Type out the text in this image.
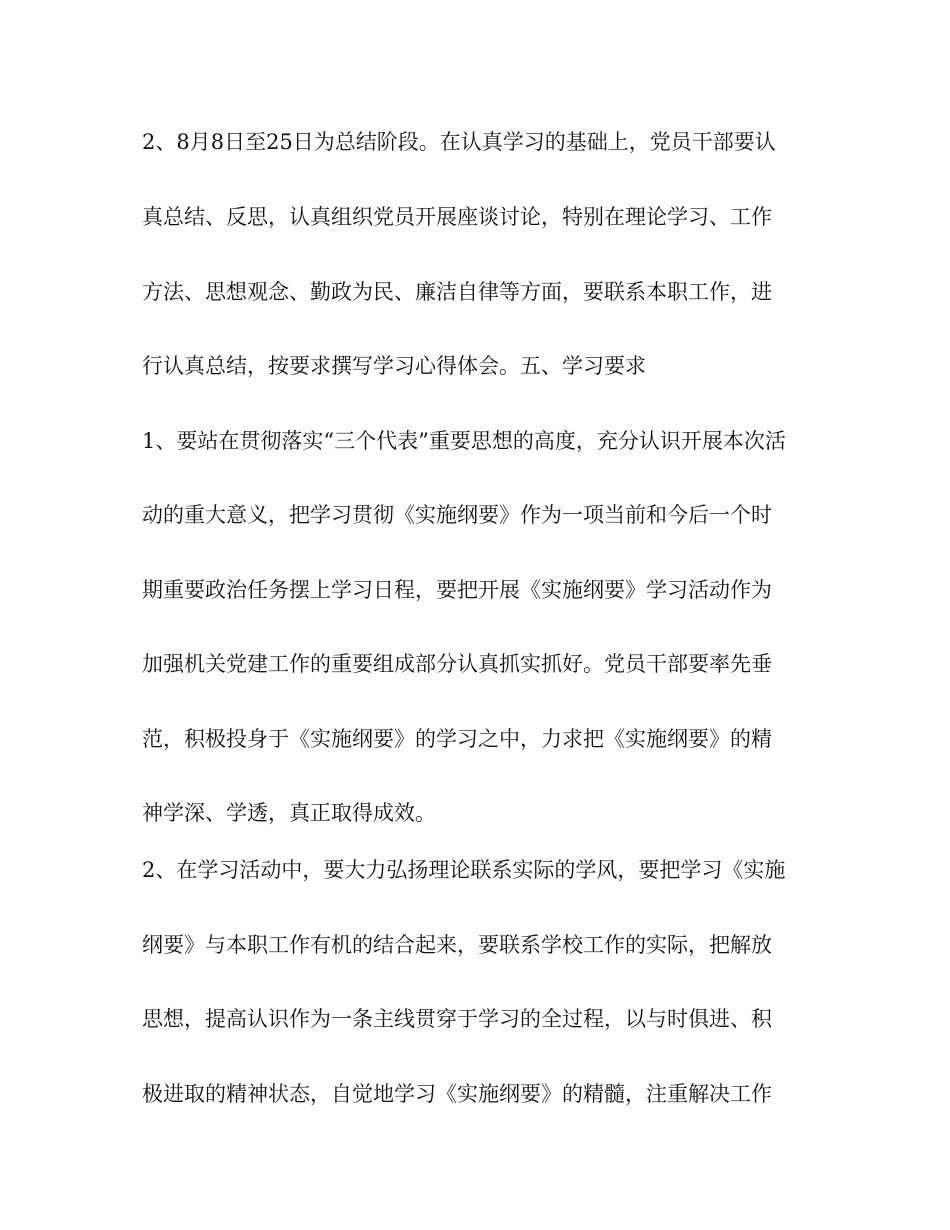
2、8月8日至25日为总结阶段。在认真学习的基础上，党员干部要认
真总结、反思，认真组织党员开展座谈讨论，特别在理论学习、工作
方法、思想观念、勤政为民、廉洁自律等方面，要联系本职工作，进
行认真总结，按要求撰写学习心得体会。五、学习要求
1、要站在贯彻落实“三个代表”重要思想的高度，充分认识开展本次活
动的重大意义，把学习贯彻《实施纲要》作为一项当前和今后一个时
期重要政治任务摆上学习日程，要把开展《实施纲要》学习活动作为
加强机关党建工作的重要组成部分认真抓实抓好。党员干部要率先垂
范，积极投身于《实施纲要》的学习之中，力求把《实施纲要》的精
神学深、学透，真正取得成效。
2、在学习活动中，要大力弘扬理论联系实际的学风，要把学习《实施
纲要》与本职工作有机的结合起来，要联系学校工作的实际，把解放
思想，提高认识作为一条主线贯穿于学习的全过程，以与时俱进、积
极进取的精神状态，自觉地学习《实施纲要》的精髓，注重解决工作
